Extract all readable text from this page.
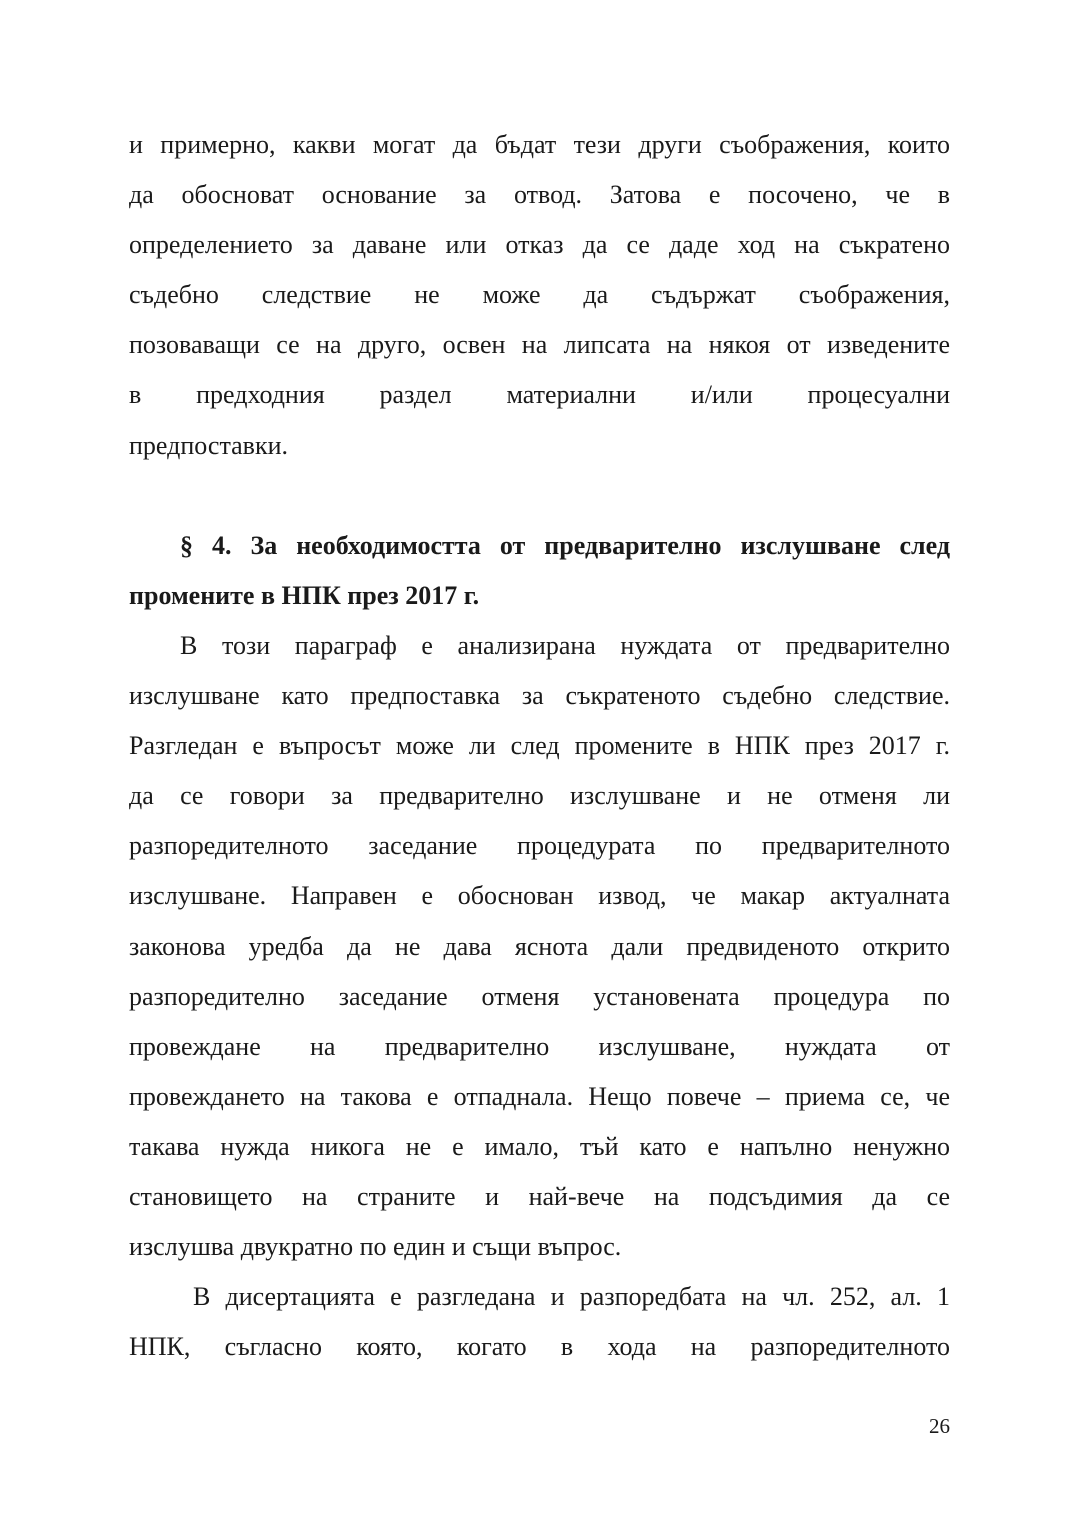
и примерно, какви могат да бъдат тези други съображения, които
да обосноват основание за отвод. Затова е посочено, че в
определението за даване или отказ да се даде ход на съкратено
съдебно следствие не може да съдържат съображения,
позоваващи се на друго, освен на липсата на някоя от изведените
в предходния раздел материални и/или процесуални
предпоставки.
§ 4. За необходимостта от предварително изслушване след
промените в НПК през 2017 г.
В този параграф е анализирана нуждата от предварително
изслушване като предпоставка за съкратеното съдебно следствие.
Разгледан е въпросът може ли след промените в НПК през 2017 г.
да се говори за предварително изслушване и не отменя ли
разпоредителното заседание процедурата по предварителното
изслушване. Направен е обоснован извод, че макар актуалната
законова уредба да не дава яснота дали предвиденото открито
разпоредително заседание отменя установената процедура по
провеждане на предварително изслушване, нуждата от
провеждането на такова е отпаднала. Нещо повече – приема се, че
такава нужда никога не е имало, тъй като е напълно ненужно
становището на страните и най-вече на подсъдимия да се
изслушва двукратно по един и същи въпрос.
В дисертацията е разгледана и разпоредбата на чл. 252, ал. 1
НПК, съгласно която, когато в хода на разпоредителното
26
